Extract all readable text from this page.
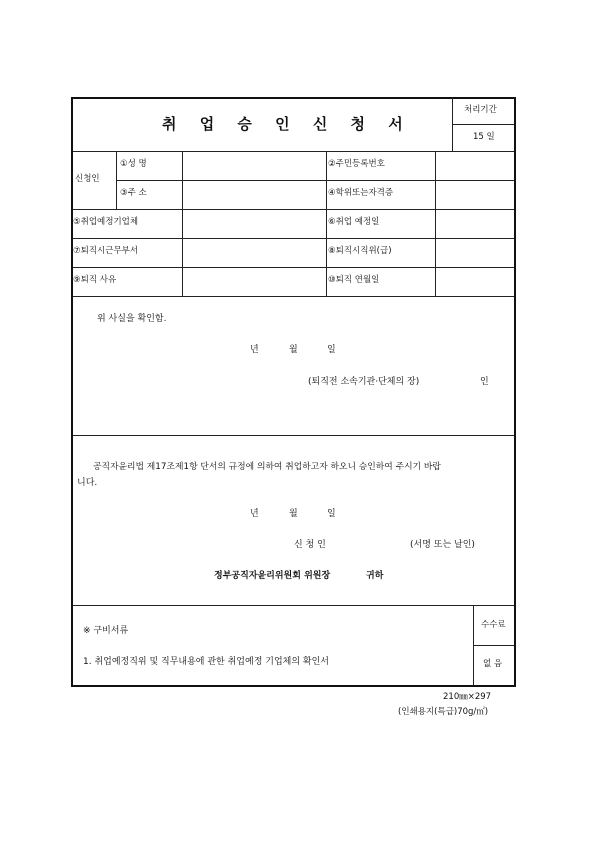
취 업 승 인 신 청 서
처리기간
15 일
신청인
①성 명	②주민등록번호
③주 소	④학위또는자격증
⑤취업예정기업체	⑥취업 예정일
⑦퇴직시근무부서	⑧퇴직시직위(급)
⑨퇴직 사유	⑩퇴직 연월일
위 사실을 확인함.
년	월	일
(퇴직전 소속기관·단체의 장)	인
공직자윤리법 제17조제1항 단서의 규정에 의하여 취업하고자 하오니 승인하여 주시기 바랍
니다.
년	월	일
신 청 인	(서명 또는 날인)
정부공직자윤리위원회 위원장	귀하
※ 구비서류
1. 취업예정직위 및 직무내용에 관한 취업예정 기업체의 확인서
수수료
없 음
210㎜×297
(인쇄용지(특급)70g/㎡)
